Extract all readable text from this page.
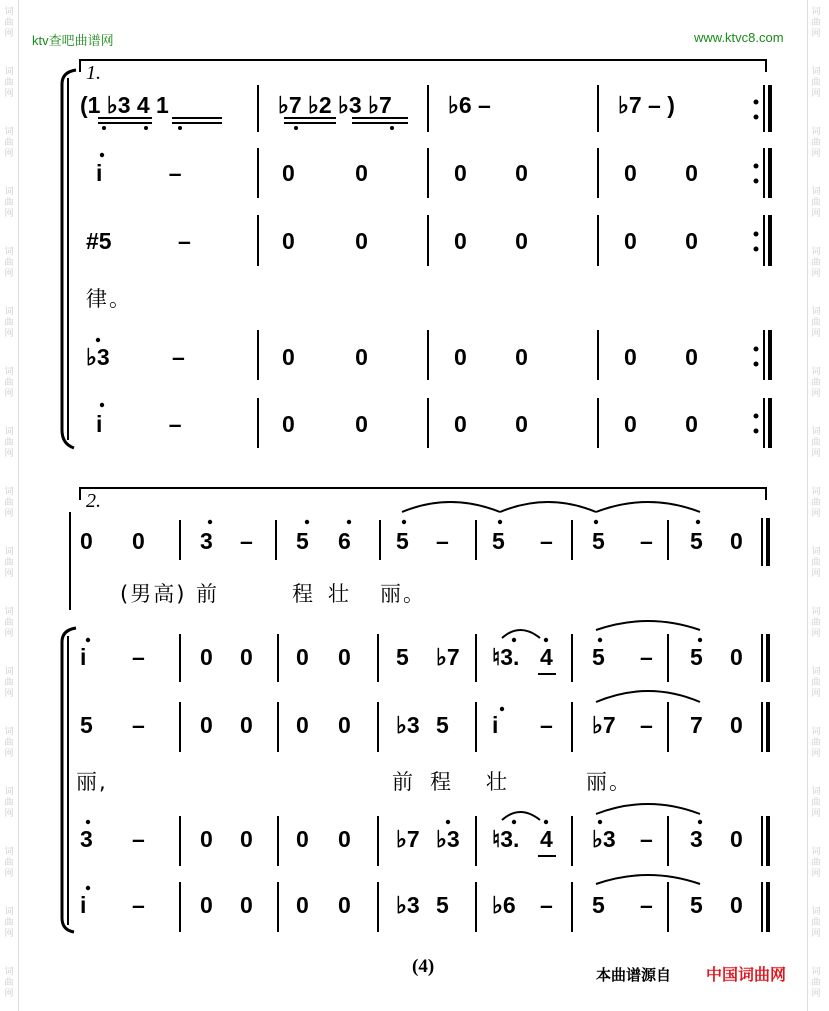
词
曲
网
词
曲
网
词
曲
网
词
曲
网
词
曲
网
词
曲
网
词
曲
网
词
曲
网
词
曲
网
词
曲
网
词
曲
网
词
曲
网
词
曲
网
词
曲
网
词
曲
网
词
曲
网
词
曲
网
词
曲
网
词
曲
网
词
曲
网
词
曲
网
词
曲
网
词
曲
网
词
曲
网
词
曲
网
词
曲
网
词
曲
网
词
曲
网
词
曲
网
词
曲
网
词
曲
网
词
曲
网
词
曲
网
词
曲
网
ktv查吧曲谱网	www.ktvc8.com
1.
(1 ♭3 4 1	♭7 ♭2 ♭3 ♭7 ♭6 –	♭7 – )
i –	0 0	0 0	0 0
#5 –	0 0	0 0	0 0
律。
♭3 –	0 0	0 0	0 0
i –	0 0	0 0	0 0
2.
0 0 3 – 5 6 5 – 5 – 5 – 5 0
(男高) 前	程 壮 丽。
i – 0 0 0 0 5 ♭7 ♮3. 4 5 – 5 0
5 – 0 0 0 0 ♭3 5 i – ♭7 – 7 0
3 – 0 0 0 0 ♭7 ♭3 ♮3. 4 ♭3 – 3 0
i – 0 0 0 0 ♭3 5 ♭6 – 5 – 5 0
丽,	前 程 壮	丽。
(4)	本曲谱源自 中国词曲网
